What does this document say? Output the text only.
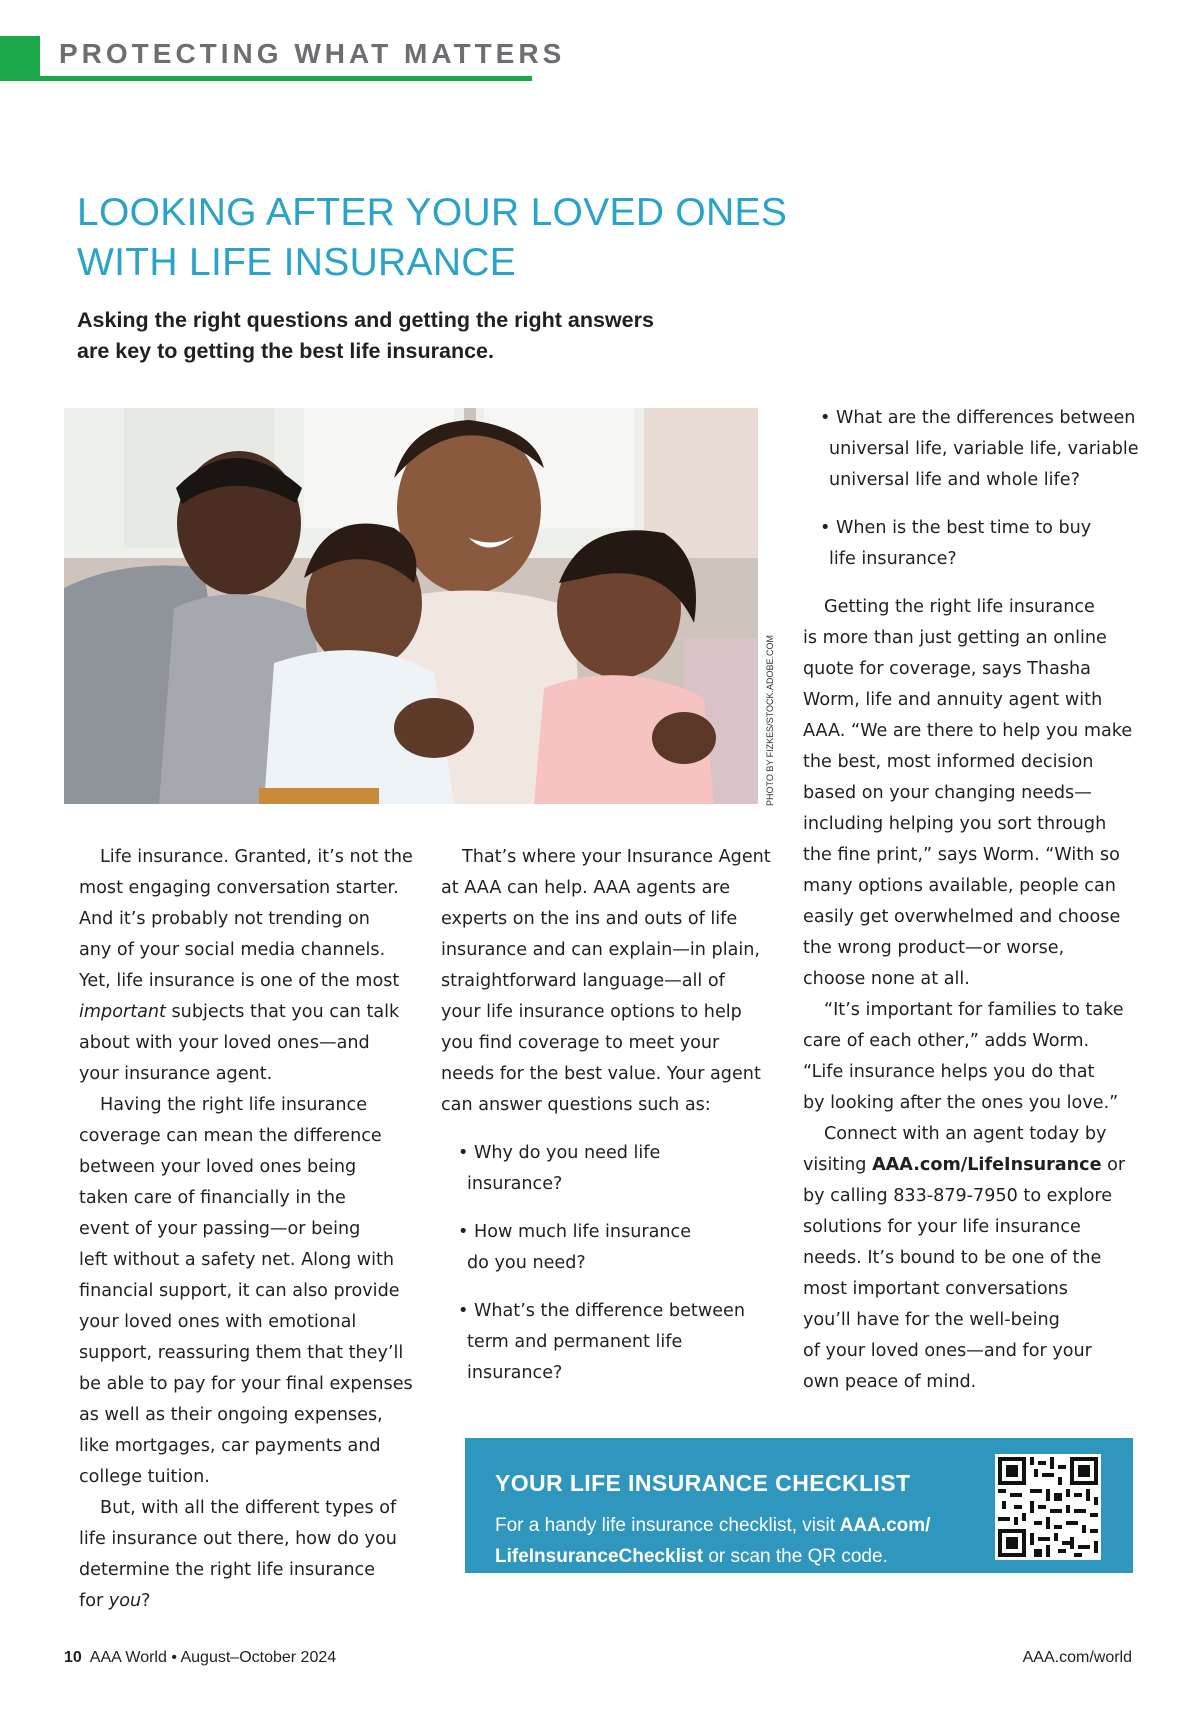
PROTECTING WHAT MATTERS
LOOKING AFTER YOUR LOVED ONES
WITH LIFE INSURANCE
Asking the right questions and getting the right answers
are key to getting the best life insurance.
PHOTO BY FIZKES/STOCK.ADOBE.COM
Life insurance. Granted, it’s not the
most engaging conversation starter.
And it’s probably not trending on
any of your social media channels.
Yet, life insurance is one of the most
important subjects that you can talk
about with your loved ones—and
your insurance agent.
Having the right life insurance
coverage can mean the difference
between your loved ones being
taken care of financially in the
event of your passing—or being
left without a safety net. Along with
financial support, it can also provide
your loved ones with emotional
support, reassuring them that they’ll
be able to pay for your final expenses
as well as their ongoing expenses,
like mortgages, car payments and
college tuition.
But, with all the different types of
life insurance out there, how do you
determine the right life insurance
for you?
That’s where your Insurance Agent
at AAA can help. AAA agents are
experts on the ins and outs of life
insurance and can explain—in plain,
straightforward language—all of
your life insurance options to help
you find coverage to meet your
needs for the best value. Your agent
can answer questions such as:
• Why do you need life
insurance?
• How much life insurance
do you need?
• What’s the difference between
term and permanent life
insurance?
• What are the differences between
universal life, variable life, variable
universal life and whole life?
• When is the best time to buy
life insurance?
Getting the right life insurance
is more than just getting an online
quote for coverage, says Thasha
Worm, life and annuity agent with
AAA. “We are there to help you make
the best, most informed decision
based on your changing needs—
including helping you sort through
the fine print,” says Worm. “With so
many options available, people can
easily get overwhelmed and choose
the wrong product—or worse,
choose none at all.
“It’s important for families to take
care of each other,” adds Worm.
“Life insurance helps you do that
by looking after the ones you love.”
Connect with an agent today by
visiting AAA.com/LifeInsurance or
by calling 833-879-7950 to explore
solutions for your life insurance
needs. It’s bound to be one of the
most important conversations
you’ll have for the well-being
of your loved ones—and for your
own peace of mind.
YOUR LIFE INSURANCE CHECKLIST
For a handy life insurance checklist, visit AAA.com/
LifeInsuranceChecklist or scan the QR code.
10 AAA World • August–October 2024	AAA.com/world
